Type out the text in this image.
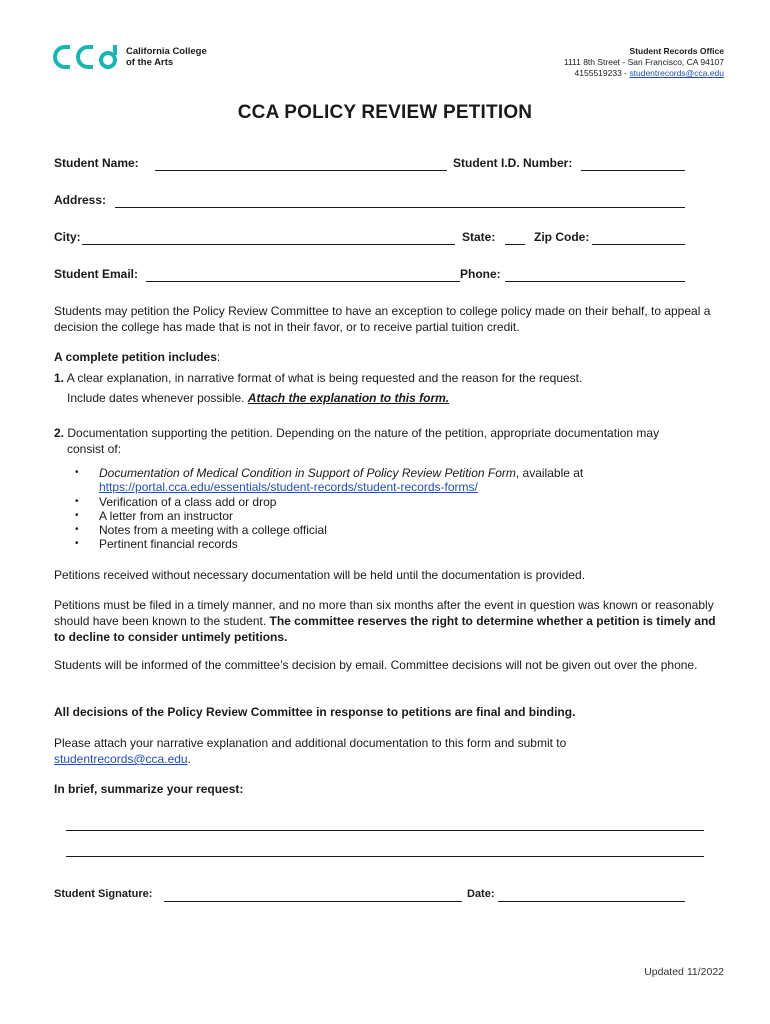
California College
of the Arts
Student Records Office
1111 8th Street - San Francisco, CA 94107
4155519233 - studentrecords@cca.edu
CCA POLICY REVIEW PETITION
Student Name:	Student I.D. Number:
Address:
City:	State:	Zip Code:
Student Email:	Phone:
Students may petition the Policy Review Committee to have an exception to college policy made on their behalf, to appeal a decision the college has made that is not in their favor, or to receive partial tuition credit.
A complete petition includes:
1. A clear explanation, in narrative format of what is being requested and the reason for the request.
Include dates whenever possible. Attach the explanation to this form.
2. Documentation supporting the petition. Depending on the nature of the petition, appropriate documentation may
consist of:
•	Documentation of Medical Condition in Support of Policy Review Petition Form, available at
https://portal.cca.edu/essentials/student-records/student-records-forms/
•	Verification of a class add or drop
•	A letter from an instructor
•	Notes from a meeting with a college official
•	Pertinent financial records
Petitions received without necessary documentation will be held until the documentation is provided.
Petitions must be filed in a timely manner, and no more than six months after the event in question was known or reasonably should have been known to the student. The committee reserves the right to determine whether a petition is timely and to decline to consider untimely petitions.
Students will be informed of the committee’s decision by email. Committee decisions will not be given out over the phone.
All decisions of the Policy Review Committee in response to petitions are final and binding.
Please attach your narrative explanation and additional documentation to this form and submit to
studentrecords@cca.edu.
In brief, summarize your request:
Student Signature:	Date:
Updated 11/2022
